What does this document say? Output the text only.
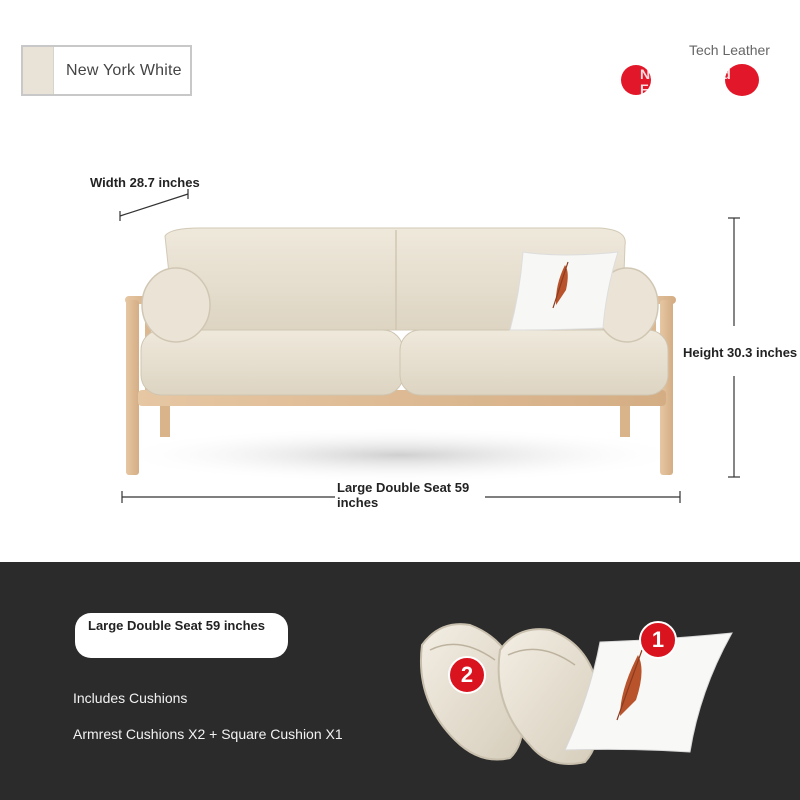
New York White
Tech Leather
Natural Wood Frame
Width 28.7 inches
Height 30.3 inches
Large Double Seat 59 inches
Large Double Seat 59 inches
Includes Cushions
Armrest Cushions X2 + Square Cushion X1
2
1
